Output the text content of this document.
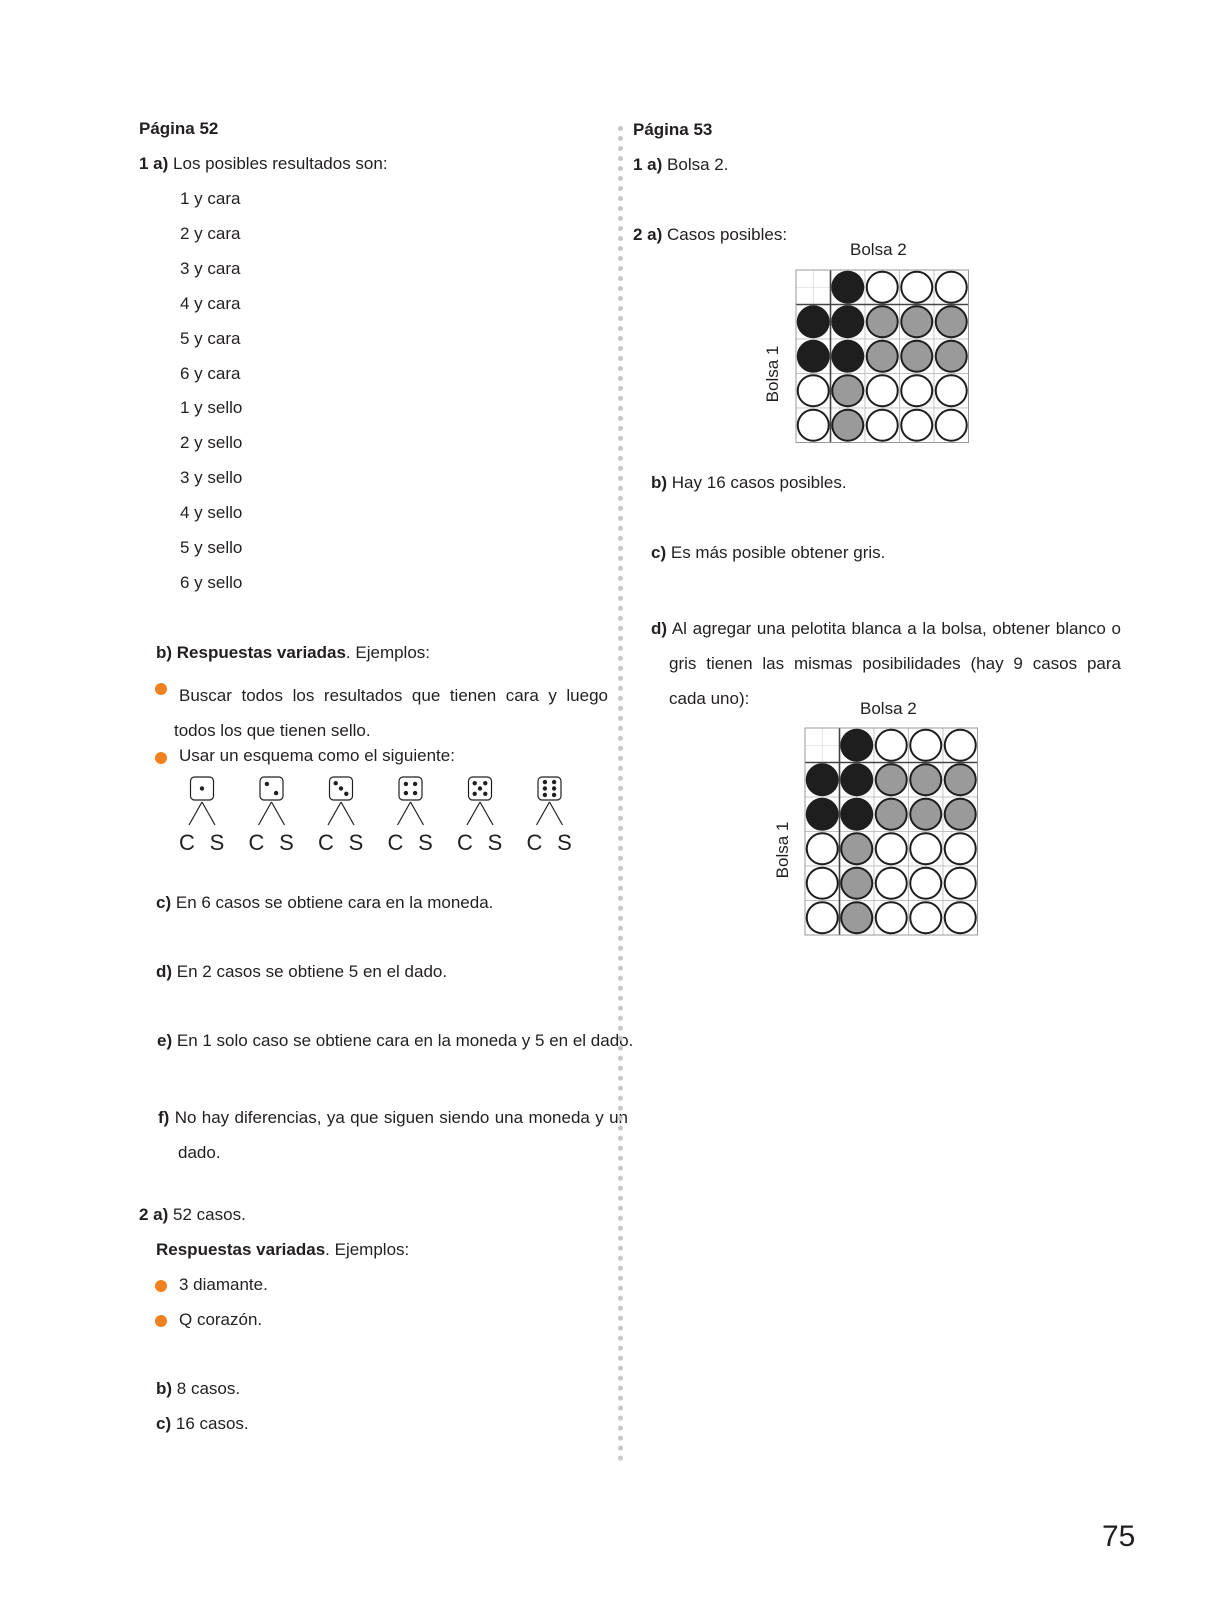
Página 52
1 a) Los posibles resultados son:
1 y cara
2 y cara
3 y cara
4 y cara
5 y cara
6 y cara
1 y sello
2 y sello
3 y sello
4 y sello
5 y sello
6 y sello
b) Respuestas variadas. Ejemplos:
Buscar todos los resultados que tienen cara y luego todos los que tienen sello.
Usar un esquema como el siguiente:
C S C S C S C S C S C S
c) En 6 casos se obtiene cara en la moneda.
d) En 2 casos se obtiene 5 en el dado.
e) En 1 solo caso se obtiene cara en la moneda y 5 en el dado.
f) No hay diferencias, ya que siguen siendo una moneda y un dado.
2 a) 52 casos.
Respuestas variadas. Ejemplos:
3 diamante.
Q corazón.
b) 8 casos.
c) 16 casos.
Página 53
1 a) Bolsa 2.
2 a) Casos posibles:
Bolsa 2
Bolsa 1
b) Hay 16 casos posibles.
c) Es más posible obtener gris.
d) Al agregar una pelotita blanca a la bolsa, obtener blanco o gris tienen las mismas posibilidades (hay 9 casos para cada uno):
Bolsa 2
Bolsa 1
75
